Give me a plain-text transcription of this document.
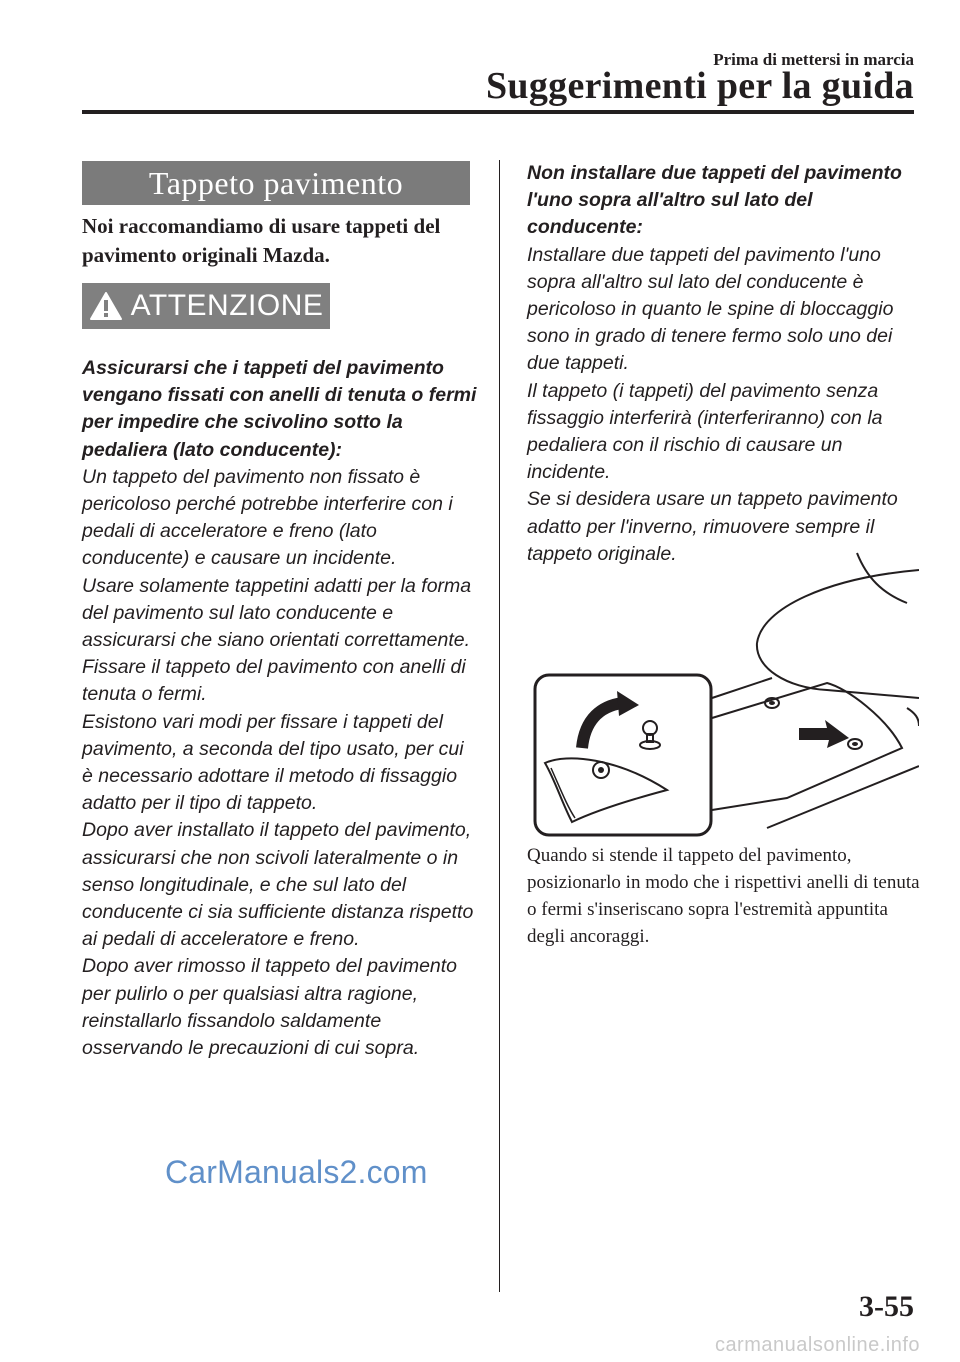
Prima di mettersi in marcia
Suggerimenti per la guida
Tappeto pavimento
Noi raccomandiamo di usare tappeti del pavimento originali Mazda.
ATTENZIONE

Assicurarsi che i tappeti del pavimento vengano fissati con anelli di tenuta o fermi per impedire che scivolino sotto la pedaliera (lato conducente):

Un tappeto del pavimento non fissato è pericoloso perché potrebbe interferire con i pedali di acceleratore e freno (lato conducente) e causare un incidente.

Usare solamente tappetini adatti per la forma del pavimento sul lato conducente e assicurarsi che siano orientati correttamente.

Fissare il tappeto del pavimento con anelli di tenuta o fermi.

Esistono vari modi per fissare i tappeti del pavimento, a seconda del tipo usato, per cui è necessario adottare il metodo di fissaggio adatto per il tipo di tappeto.

Dopo aver installato il tappeto del pavimento, assicurarsi che non scivoli lateralmente o in senso longitudinale, e che sul lato del conducente ci sia sufficiente distanza rispetto ai pedali di acceleratore e freno.

Dopo aver rimosso il tappeto del pavimento per pulirlo o per qualsiasi altra ragione, reinstallarlo fissandolo saldamente osservando le precauzioni di cui sopra.

Non installare due tappeti del pavimento l'uno sopra all'altro sul lato del conducente:

Installare due tappeti del pavimento l'uno sopra all'altro sul lato del conducente è pericoloso in quanto le spine di bloccaggio sono in grado di tenere fermo solo uno dei due tappeti.

Il tappeto (i tappeti) del pavimento senza fissaggio interferirà (interferiranno) con la pedaliera con il rischio di causare un incidente.

Se si desidera usare un tappeto pavimento adatto per l'inverno, rimuovere sempre il tappeto originale.

Quando si stende il tappeto del pavimento, posizionarlo in modo che i rispettivi anelli di tenuta o fermi s'inseriscano sopra l'estremità appuntita degli ancoraggi.
CarManuals2.com
3-55
carmanualsonline.info
